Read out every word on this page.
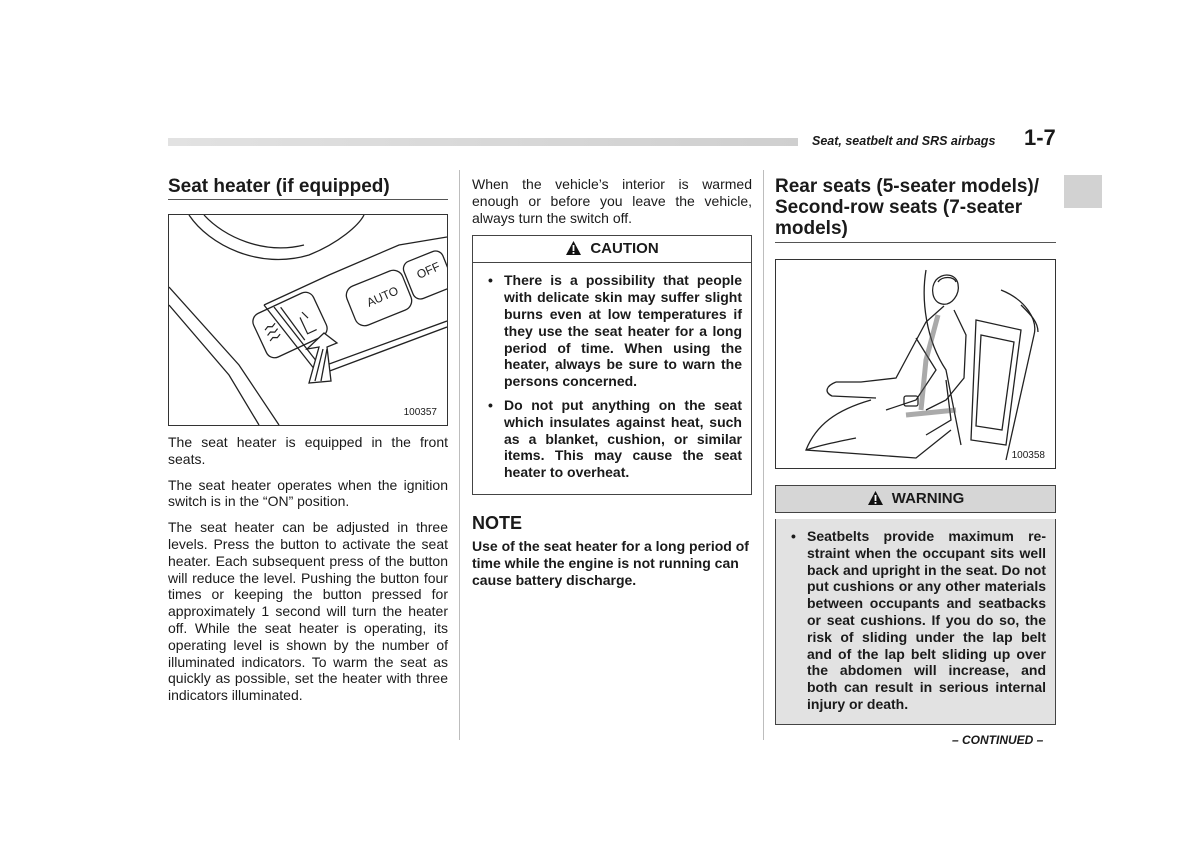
Seat, seatbelt and SRS airbags 1-7
Seat heater (if equipped)
AUTO
OFF
100357

The seat heater is equipped in the front seats.

The seat heater operates when the ignition switch is in the “ON” position.

The seat heater can be adjusted in three levels. Press the button to activate the seat heater. Each subsequent press of the button will reduce the level. Pushing the button four times or keeping the button pressed for approximately 1 second will turn the heater off. While the seat heater is operating, its operating level is shown by the number of illuminated indicators. To warm the seat as quickly as possible, set the heater with three indicators illuminated.

When the vehicle’s interior is warmed enough or before you leave the vehicle, always turn the switch off.

CAUTION
• There is a possibility that people with delicate skin may suffer slight burns even at low temperatures if they use the seat heater for a long period of time. When using the heater, always be sure to warn the persons concerned.
• Do not put anything on the seat which insulates against heat, such as a blanket, cushion, or similar items. This may cause the seat heater to overheat.
NOTE
Use of the seat heater for a long period of time while the engine is not running can cause battery discharge.
Rear seats (5-seater models)/ Second-row seats (7-seater models)
100358
WARNING
• Seatbelts provide maximum restraint when the occupant sits well back and upright in the seat. Do not put cushions or any other materials between occupants and seatbacks or seat cushions. If you do so, the risk of sliding under the lap belt and of the lap belt sliding up over the abdomen will increase, and both can result in serious internal injury or death.
– CONTINUED –
